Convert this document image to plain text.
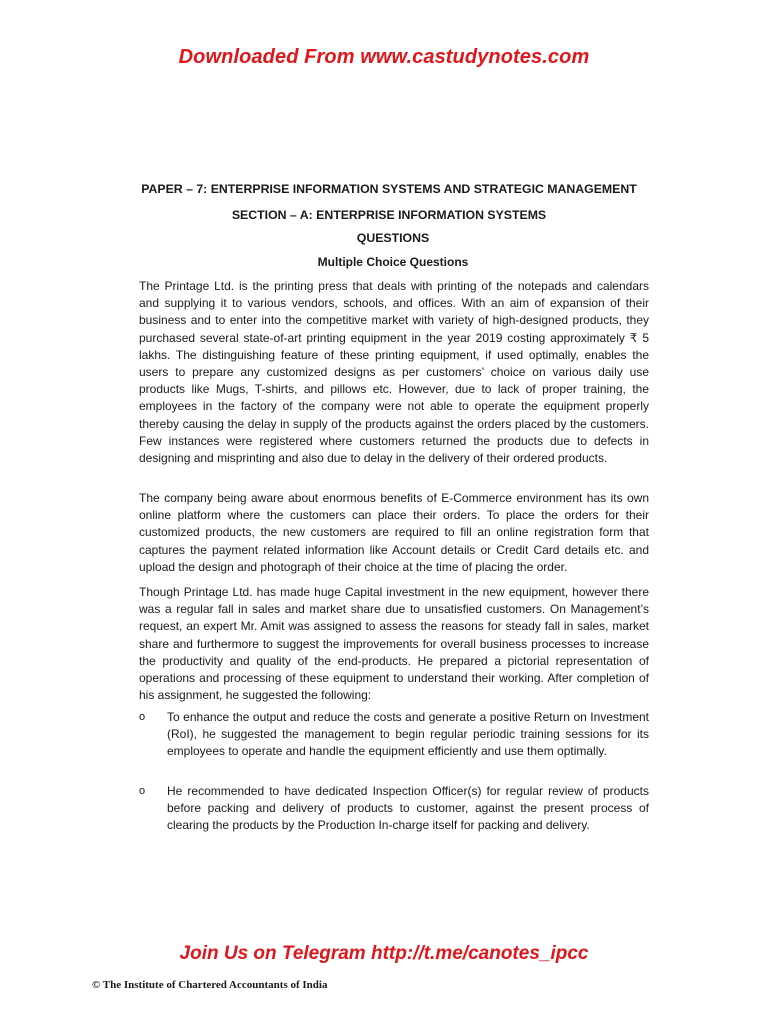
Downloaded From www.castudynotes.com
PAPER – 7: ENTERPRISE INFORMATION SYSTEMS AND STRATEGIC MANAGEMENT
SECTION – A: ENTERPRISE INFORMATION SYSTEMS
QUESTIONS
Multiple Choice Questions
The Printage Ltd. is the printing press that deals with printing of the notepads and calendars and supplying it to various vendors, schools, and offices. With an aim of expansion of their business and to enter into the competitive market with variety of high-designed products, they purchased several state-of-art printing equipment in the year 2019 costing approximately ₹ 5 lakhs. The distinguishing feature of these printing equipment, if used optimally, enables the users to prepare any customized designs as per customers’ choice on various daily use products like Mugs, T-shirts, and pillows etc. However, due to lack of proper training, the employees in the factory of the company were not able to operate the equipment properly thereby causing the delay in supply of the products against the orders placed by the customers. Few instances were registered where customers returned the products due to defects in designing and misprinting and also due to delay in the delivery of their ordered products.
The company being aware about enormous benefits of E-Commerce environment has its own online platform where the customers can place their orders. To place the orders for their customized products, the new customers are required to fill an online registration form that captures the payment related information like Account details or Credit Card details etc. and upload the design and photograph of their choice at the time of placing the order.
Though Printage Ltd. has made huge Capital investment in the new equipment, however there was a regular fall in sales and market share due to unsatisfied customers. On Management’s request, an expert Mr. Amit was assigned to assess the reasons for steady fall in sales, market share and furthermore to suggest the improvements for overall business processes to increase the productivity and quality of the end-products. He prepared a pictorial representation of operations and processing of these equipment to understand their working. After completion of his assignment, he suggested the following:
o To enhance the output and reduce the costs and generate a positive Return on Investment (RoI), he suggested the management to begin regular periodic training sessions for its employees to operate and handle the equipment efficiently and use them optimally.
o He recommended to have dedicated Inspection Officer(s) for regular review of products before packing and delivery of products to customer, against the present process of clearing the products by the Production In-charge itself for packing and delivery.
Join Us on Telegram http://t.me/canotes_ipcc
© The Institute of Chartered Accountants of India
